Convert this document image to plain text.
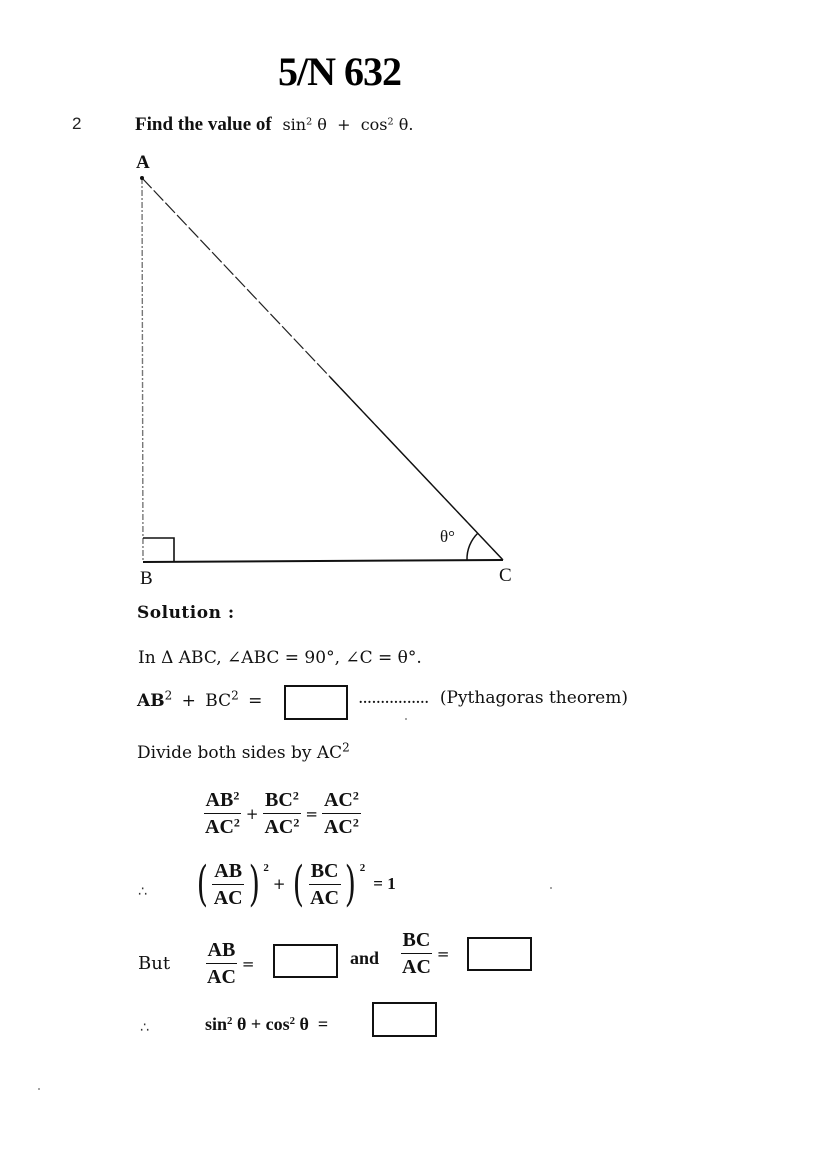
5/N 632
2	Find the value of $\sin^2 \theta + \cos^2 \theta$.
A
B	C
θ°
Solution :
In Δ ABC, ∠ABC = 90°, ∠C = θ°.
$AB^2 + BC^2$ =	................ (Pythagoras theorem)
Divide both sides by $AC^2$
$\frac{AB^2}{AC^2} + \frac{BC^2}{AC^2} = \frac{AC^2}{AC^2}$
∴ ( $\frac{AB}{AC}$ ) $^2$
+ ( $\frac{BC}{AC}$ ) $^2$
= 1
But $\frac{AB}{AC}$ =	and $\frac{BC}{AC}$ =
∴	$\sin^2 \theta + \cos^2 \theta$ =
